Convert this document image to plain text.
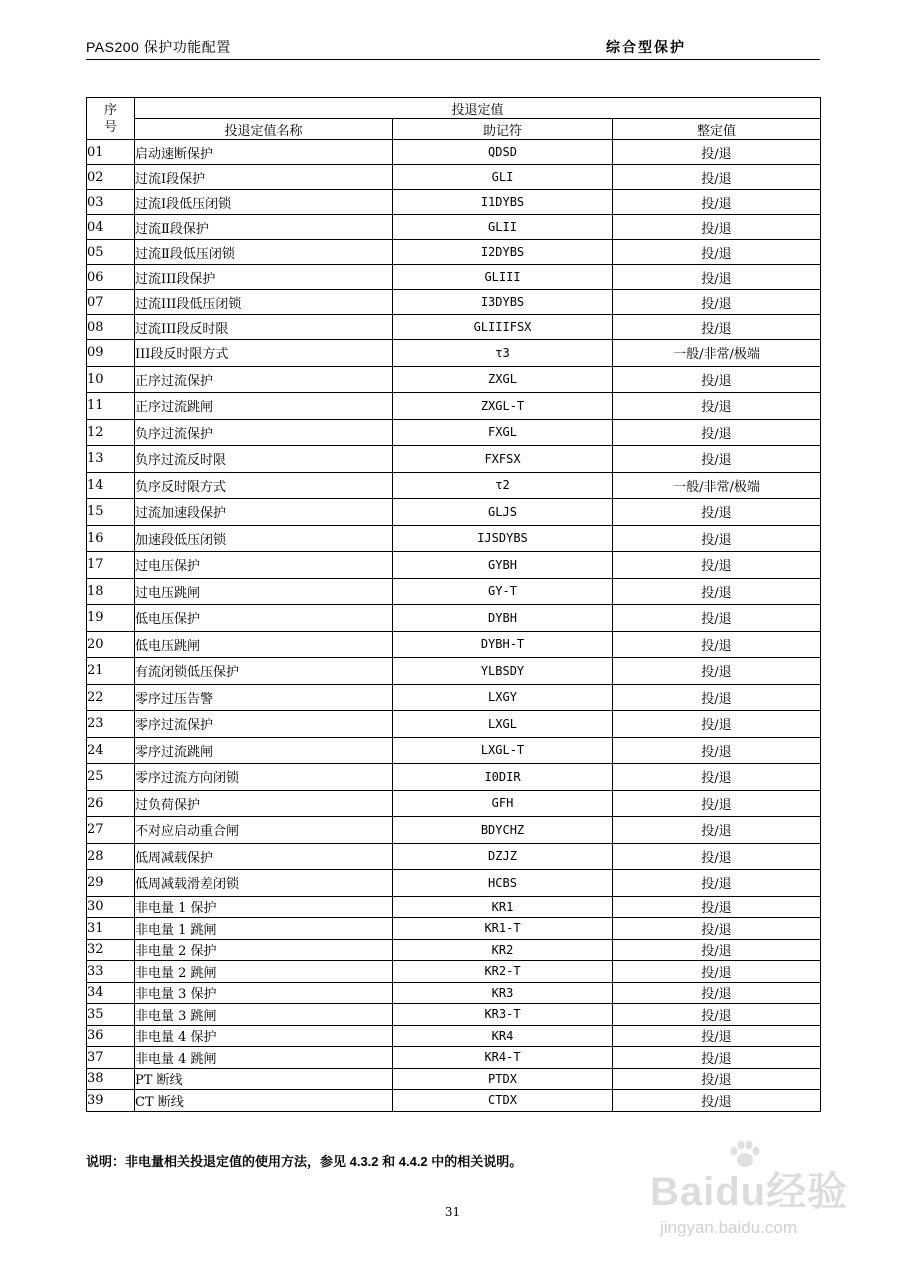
PAS200 保护功能配置	综合型保护
序
号	投退定值		
	投退定值名称	助记符	整定值
01	启动速断保护	QDSD	投/退
02	过流Ⅰ段保护	GLI	投/退
03	过流Ⅰ段低压闭锁	I1DYBS	投/退
04	过流Ⅱ段保护	GLII	投/退
05	过流Ⅱ段低压闭锁	I2DYBS	投/退
06	过流III段保护	GLIII	投/退
07	过流III段低压闭锁	I3DYBS	投/退
08	过流III段反时限	GLIIIFSX	投/退
09	III段反时限方式	τ3	一般/非常/极端
10	正序过流保护	ZXGL	投/退
11	正序过流跳闸	ZXGL-T	投/退
12	负序过流保护	FXGL	投/退
13	负序过流反时限	FXFSX	投/退
14	负序反时限方式	τ2	一般/非常/极端
15	过流加速段保护	GLJS	投/退
16	加速段低压闭锁	IJSDYBS	投/退
17	过电压保护	GYBH	投/退
18	过电压跳闸	GY-T	投/退
19	低电压保护	DYBH	投/退
20	低电压跳闸	DYBH-T	投/退
21	有流闭锁低压保护	YLBSDY	投/退
22	零序过压告警	LXGY	投/退
23	零序过流保护	LXGL	投/退
24	零序过流跳闸	LXGL-T	投/退
25	零序过流方向闭锁	I0DIR	投/退
26	过负荷保护	GFH	投/退
27	不对应启动重合闸	BDYCHZ	投/退
28	低周减载保护	DZJZ	投/退
29	低周减载滑差闭锁	HCBS	投/退
30	非电量 1 保护	KR1	投/退
31	非电量 1 跳闸	KR1-T	投/退
32	非电量 2 保护	KR2	投/退
33	非电量 2 跳闸	KR2-T	投/退
34	非电量 3 保护	KR3	投/退
35	非电量 3 跳闸	KR3-T	投/退
36	非电量 4 保护	KR4	投/退
37	非电量 4 跳闸	KR4-T	投/退
38	PT 断线	PTDX	投/退
39	CT 断线	CTDX	投/退
说明：非电量相关投退定值的使用方法，参见 4.3.2 和 4.4.2 中的相关说明。
31	Baidu经验
jingyan.baidu.com
